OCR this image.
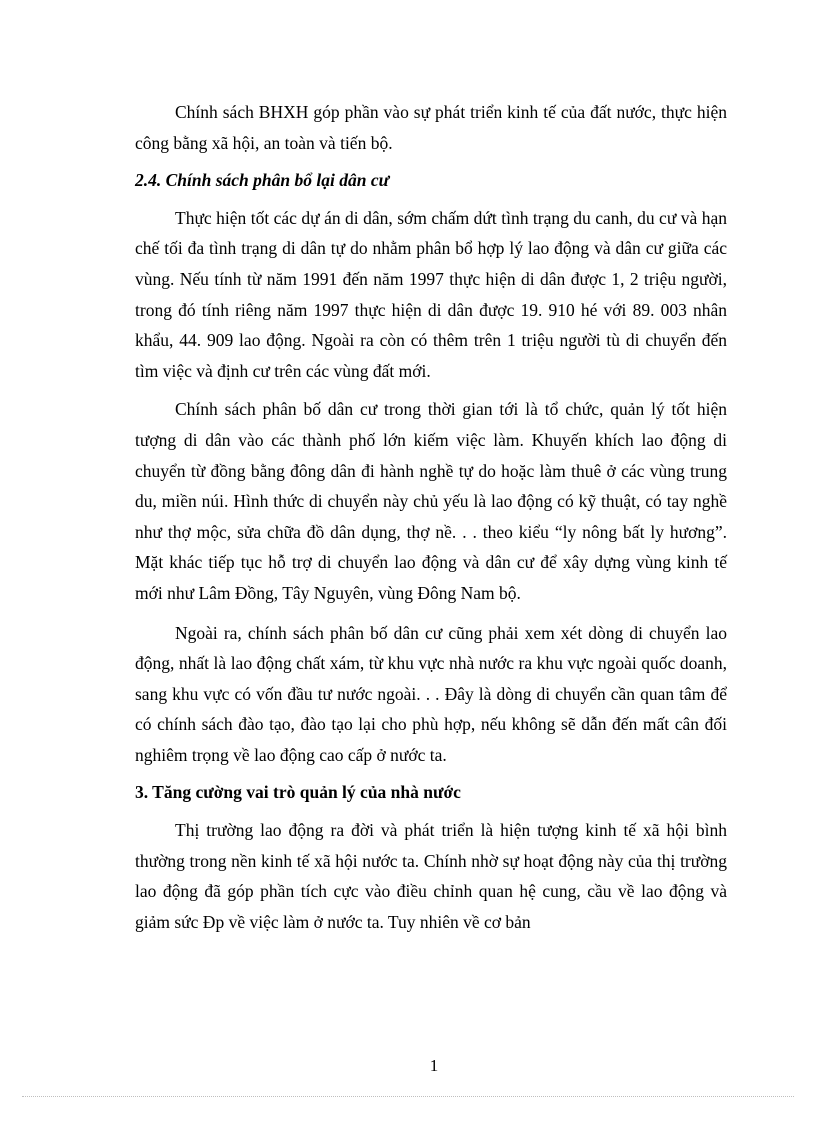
Chính sách BHXH góp phần vào sự phát triển kinh tế của đất nước, thực hiện công bằng xã hội, an toàn và tiến bộ.

2.4. Chính sách phân bổ lại dân cư

Thực hiện tốt các dự án di dân, sớm chấm dứt tình trạng du canh, du cư và hạn chế tối đa tình trạng di dân tự do nhằm phân bổ hợp lý lao động và dân cư giữa các vùng. Nếu tính từ năm 1991 đến năm 1997 thực hiện di dân được 1, 2 triệu người, trong đó tính riêng năm 1997 thực hiện di dân được 19. 910 hé với 89. 003 nhân khẩu, 44. 909 lao động. Ngoài ra còn có thêm trên 1 triệu người tù di chuyển đến tìm việc và định cư trên các vùng đất mới.

Chính sách phân bố dân cư trong thời gian tới là tổ chức, quản lý tốt hiện tượng di dân vào các thành phố lớn kiếm việc làm. Khuyến khích lao động di chuyển từ đồng bằng đông dân đi hành nghề tự do hoặc làm thuê ở các vùng trung du, miền núi. Hình thức di chuyển này chủ yếu là lao động có kỹ thuật, có tay nghề như thợ mộc, sửa chữa đồ dân dụng, thợ nề. . . theo kiểu “ly nông bất ly hương”. Mặt khác tiếp tục hỗ trợ di chuyển lao động và dân cư để xây dựng vùng kinh tế mới như Lâm Đồng, Tây Nguyên, vùng Đông Nam bộ.

Ngoài ra, chính sách phân bố dân cư cũng phải xem xét dòng di chuyển lao động, nhất là lao động chất xám, từ khu vực nhà nước ra khu vực ngoài quốc doanh, sang khu vực có vốn đầu tư nước ngoài. . . Đây là dòng di chuyển cần quan tâm để có chính sách đào tạo, đào tạo lại cho phù hợp, nếu không sẽ dẫn đến mất cân đối nghiêm trọng về lao động cao cấp ở nước ta.

3. Tăng cường vai trò quản lý của nhà nước

Thị trường lao động ra đời và phát triển là hiện tượng kinh tế xã hội bình thường trong nền kinh tế xã hội nước ta. Chính nhờ sự hoạt động này của thị trường lao động đã góp phần tích cực vào điều chỉnh quan hệ cung, cầu về lao động và giảm sức Đp về việc làm ở nước ta. Tuy nhiên về cơ bản

1
